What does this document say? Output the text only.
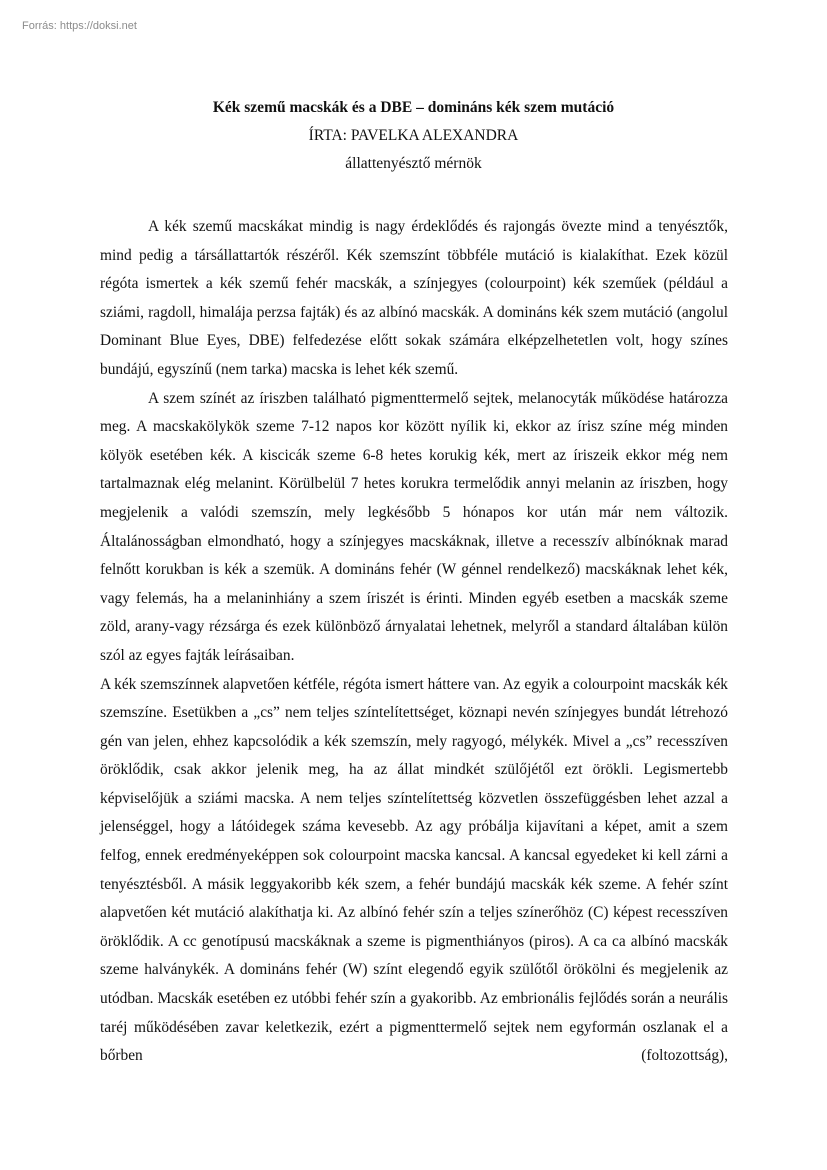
Forrás: https://doksi.net

Kék szemű macskák és a DBE – domináns kék szem mutáció

ÍRTA: PAVELKA ALEXANDRA

állattenyésztő mérnök

A kék szemű macskákat mindig is nagy érdeklődés és rajongás övezte mind a tenyésztők, mind pedig a társállattartók részéről. Kék szemszínt többféle mutáció is kialakíthat. Ezek közül régóta ismertek a kék szemű fehér macskák, a színjegyes (colourpoint) kék szeműek (például a sziámi, ragdoll, himalája perzsa fajták) és az albínó macskák. A domináns kék szem mutáció (angolul Dominant Blue Eyes, DBE) felfedezése előtt sokak számára elképzelhetetlen volt, hogy színes bundájú, egyszínű (nem tarka) macska is lehet kék szemű.

A szem színét az íriszben található pigmenttermelő sejtek, melanocyták működése határozza meg. A macskakölykök szeme 7-12 napos kor között nyílik ki, ekkor az írisz színe még minden kölyök esetében kék. A kiscicák szeme 6-8 hetes korukig kék, mert az íriszeik ekkor még nem tartalmaznak elég melanint. Körülbelül 7 hetes korukra termelődik annyi melanin az íriszben, hogy megjelenik a valódi szemszín, mely legkésőbb 5 hónapos kor után már nem változik. Általánosságban elmondható, hogy a színjegyes macskáknak, illetve a recesszív albínóknak marad felnőtt korukban is kék a szemük. A domináns fehér (W génnel rendelkező) macskáknak lehet kék, vagy felemás, ha a melaninhiány a szem íriszét is érinti. Minden egyéb esetben a macskák szeme zöld, arany-vagy rézsárga és ezek különböző árnyalatai lehetnek, melyről a standard általában külön szól az egyes fajták leírásaiban.

A kék szemszínnek alapvetően kétféle, régóta ismert háttere van. Az egyik a colourpoint macskák kék szemszíne. Esetükben a „cs” nem teljes színtelítettséget, köznapi nevén színjegyes bundát létrehozó gén van jelen, ehhez kapcsolódik a kék szemszín, mely ragyogó, mélykék. Mivel a „cs” recesszíven öröklődik, csak akkor jelenik meg, ha az állat mindkét szülőjétől ezt örökli. Legismertebb képviselőjük a sziámi macska. A nem teljes színtelítettség közvetlen összefüggésben lehet azzal a jelenséggel, hogy a látóidegek száma kevesebb. Az agy próbálja kijavítani a képet, amit a szem felfog, ennek eredményeképpen sok colourpoint macska kancsal. A kancsal egyedeket ki kell zárni a tenyésztésből. A másik leggyakoribb kék szem, a fehér bundájú macskák kék szeme. A fehér színt alapvetően két mutáció alakíthatja ki. Az albínó fehér szín a teljes színerőhöz (C) képest recesszíven öröklődik. A cc genotípusú macskáknak a szeme is pigmenthiányos (piros). A ca ca albínó macskák szeme halványkék. A domináns fehér (W) színt elegendő egyik szülőtől örökölni és megjelenik az utódban. Macskák esetében ez utóbbi fehér szín a gyakoribb. Az embrionális fejlődés során a neurális taréj működésében zavar keletkezik, ezért a pigmenttermelő sejtek nem egyformán oszlanak el a bőrben (foltozottság),
